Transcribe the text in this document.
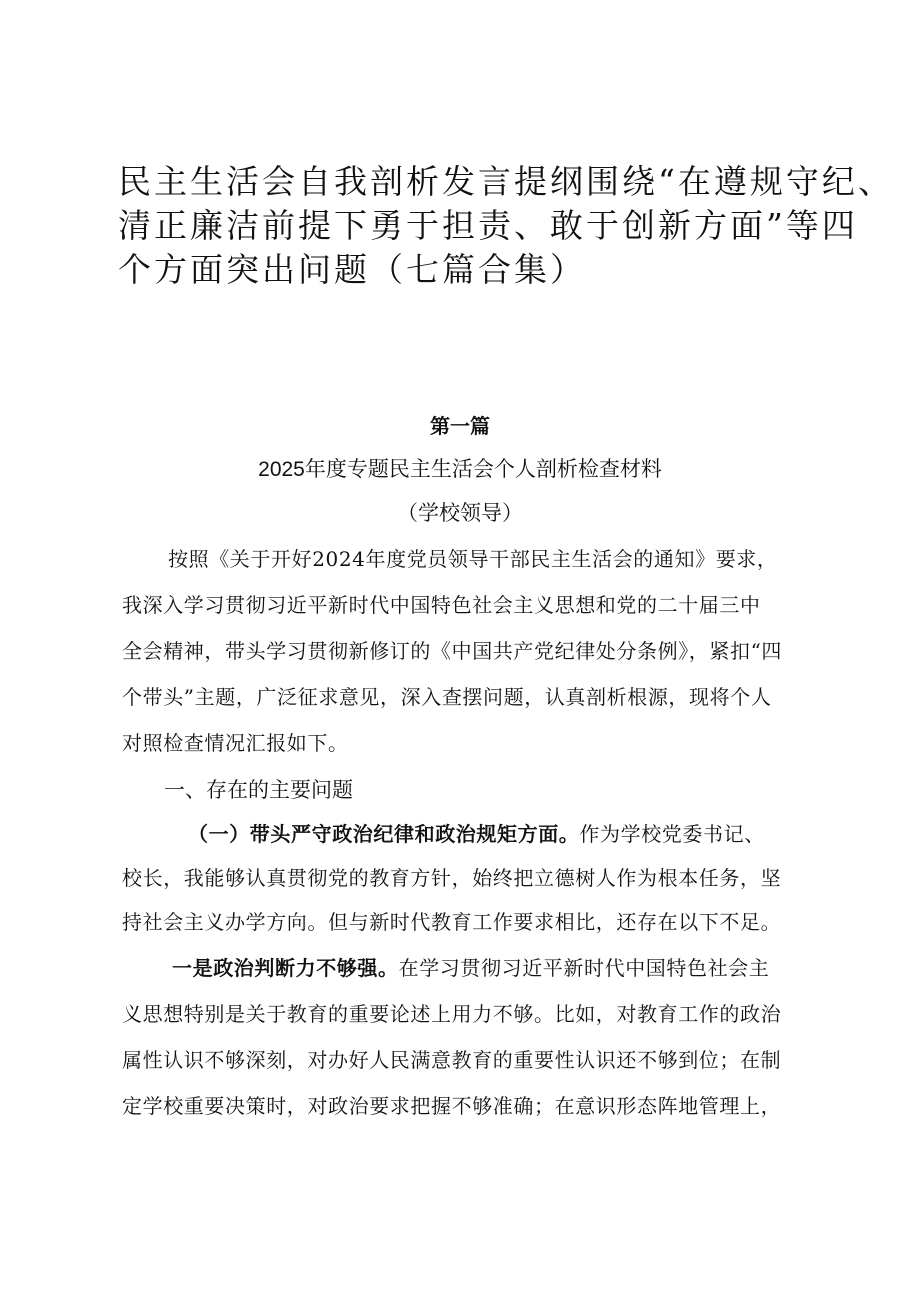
民主生活会自我剖析发言提纲围绕“在遵规守纪、
清正廉洁前提下勇于担责、敢于创新方面”等四
个方面突出问题（七篇合集）
第一篇
2025年度专题民主生活会个人剖析检查材料
（学校领导）
按照《关于开好2024年度党员领导干部民主生活会的通知》要求，
我深入学习贯彻习近平新时代中国特色社会主义思想和党的二十届三中
全会精神，带头学习贯彻新修订的《中国共产党纪律处分条例》，紧扣“四
个带头”主题，广泛征求意见，深入查摆问题，认真剖析根源，现将个人
对照检查情况汇报如下。
一、存在的主要问题
（一）带头严守政治纪律和政治规矩方面。作为学校党委书记、
校长，我能够认真贯彻党的教育方针，始终把立德树人作为根本任务，坚
持社会主义办学方向。但与新时代教育工作要求相比，还存在以下不足。
一是政治判断力不够强。在学习贯彻习近平新时代中国特色社会主
义思想特别是关于教育的重要论述上用力不够。比如，对教育工作的政治
属性认识不够深刻，对办好人民满意教育的重要性认识还不够到位；在制
定学校重要决策时，对政治要求把握不够准确；在意识形态阵地管理上，
